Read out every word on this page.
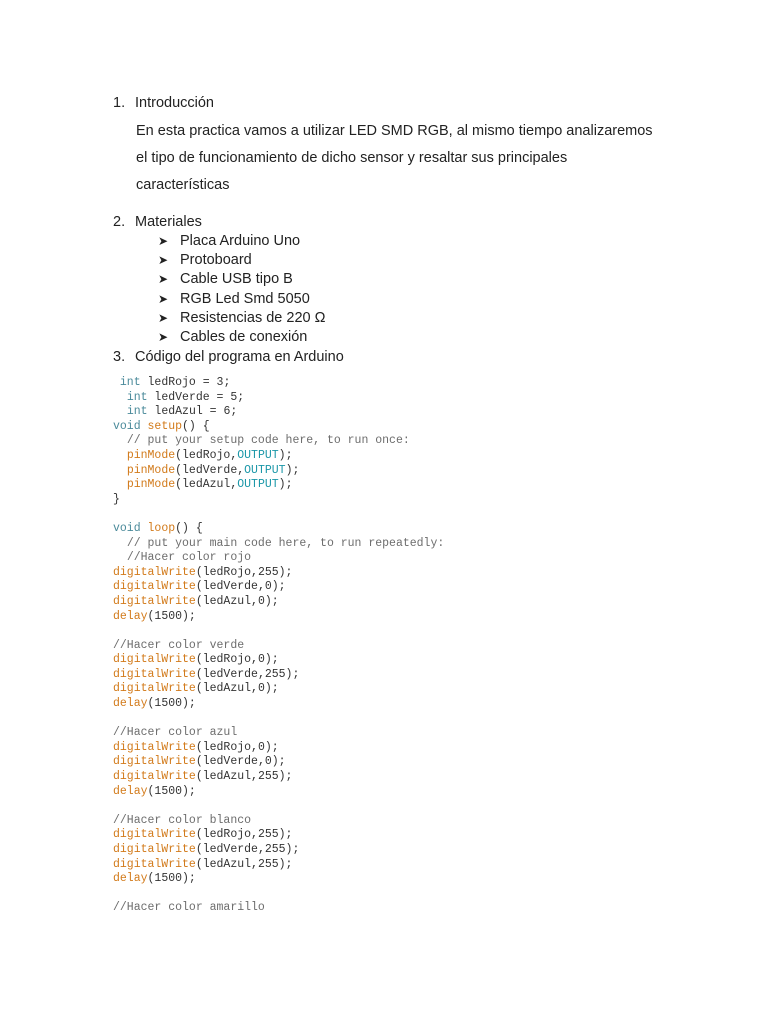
1. Introducción
En esta practica vamos a utilizar LED SMD RGB, al mismo tiempo analizaremos
el tipo de funcionamiento de dicho sensor y resaltar sus principales
características
2. Materiales
➤ Placa Arduino Uno
➤ Protoboard
➤ Cable USB tipo B
➤ RGB Led Smd 5050
➤ Resistencias de 220 Ω
➤ Cables de conexión
3. Código del programa en Arduino
int ledRojo = 3;
int ledVerde = 5;
int ledAzul = 6;
void setup() {
// put your setup code here, to run once:
pinMode(ledRojo,OUTPUT);
pinMode(ledVerde,OUTPUT);
pinMode(ledAzul,OUTPUT);
}
void loop() {
// put your main code here, to run repeatedly:
//Hacer color rojo
digitalWrite(ledRojo,255);
digitalWrite(ledVerde,0);
digitalWrite(ledAzul,0);
delay(1500);
//Hacer color verde
digitalWrite(ledRojo,0);
digitalWrite(ledVerde,255);
digitalWrite(ledAzul,0);
delay(1500);
//Hacer color azul
digitalWrite(ledRojo,0);
digitalWrite(ledVerde,0);
digitalWrite(ledAzul,255);
delay(1500);
//Hacer color blanco
digitalWrite(ledRojo,255);
digitalWrite(ledVerde,255);
digitalWrite(ledAzul,255);
delay(1500);
//Hacer color amarillo
